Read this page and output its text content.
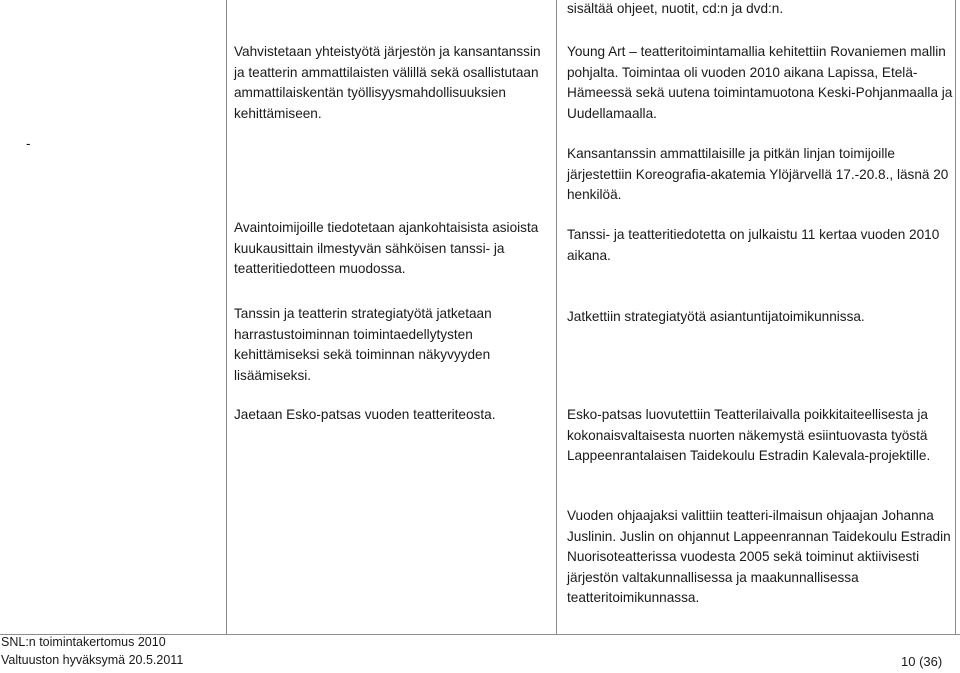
-

Vahvistetaan yhteistyötä järjestön ja kansantanssin ja teatterin ammattilaisten välillä sekä osallistutaan ammattilaiskentän työllisyysmahdollisuuksien kehittämiseen.

Avaintoimijoille tiedotetaan ajankohtaisista asioista kuukausittain ilmestyvän sähköisen tanssi- ja teatteritiedotteen muodossa.

Tanssin ja teatterin strategiatyötä jatketaan harrastustoiminnan toimintaedellytysten kehittämiseksi sekä toiminnan näkyvyyden lisäämiseksi.

Jaetaan Esko-patsas vuoden teatteriteosta.

sisältää ohjeet, nuotit, cd:n ja dvd:n.

Young Art – teatteritoimintamallia kehitettiin Rovaniemen mallin pohjalta. Toimintaa oli vuoden 2010 aikana Lapissa, Etelä-Hämeessä sekä uutena toimintamuotona Keski-Pohjanmaalla ja Uudellamaalla.

Kansantanssin ammattilaisille ja pitkän linjan toimijoille järjestettiin Koreografia-akatemia Ylöjärvellä 17.-20.8., läsnä 20 henkilöä.

Tanssi- ja teatteritiedotetta on julkaistu 11 kertaa vuoden 2010 aikana.

Jatkettiin strategiatyötä asiantuntijatoimikunnissa.

Esko-patsas luovutettiin Teatterilaivalla poikkitaiteellisesta ja kokonaisvaltaisesta nuorten näkemystä esiintuovasta työstä Lappeenrantalaisen Taidekoulu Estradin Kalevala-projektille.

Vuoden ohjaajaksi valittiin teatteri-ilmaisun ohjaajan Johanna Juslinin. Juslin on ohjannut Lappeenrannan Taidekoulu Estradin Nuorisoteatterissa vuodesta 2005 sekä toiminut aktiivisesti järjestön valtakunnallisessa ja maakunnallisessa teatteritoimikunnassa.

SNL:n toimintakertomus 2010
Valtuuston hyväksymä 20.5.2011	10 (36)
